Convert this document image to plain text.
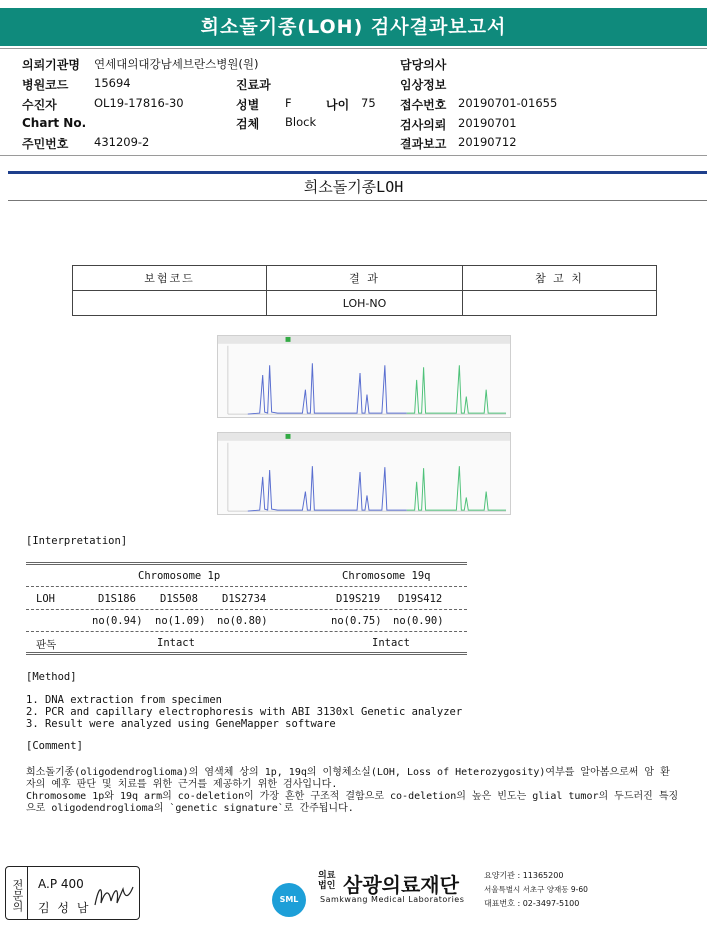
희소돌기종(LOH) 검사결과보고서
의뢰기관명 연세대의대강남세브란스병원(원)	담당의사
병원코드 15694	진료과	임상정보
수진자	OL19-17816-30	성별 F	나이 75 접수번호 20190701-01655
Chart No.	검체 Block	검사의뢰 20190701
주민번호 431209-2	결과보고 20190712
희소돌기종LOH
보험코드	결 과	참 고 치
	LOH-NO	
[Interpretation]
Chromosome 1p	Chromosome 19q
LOH	D1S186 D1S508 D1S2734	D19S219 D19S412
no(0.94) no(1.09) no(0.80)	no(0.75) no(0.90)
판독	Intact	Intact
[Method]
1. DNA extraction from specimen
2. PCR and capillary electrophoresis with ABI 3130xl Genetic analyzer
3. Result were analyzed using GeneMapper software
[Comment]
희소돌기종(oligodendroglioma)의 염색체 상의 1p, 19q의 이형체소실(LOH, Loss of Heterozygosity)여부를 알아봄으로써 암 환
자의 예후 판단 및 치료를 위한 근거를 제공하기 위한 검사입니다.
Chromosome 1p와 19q arm의 co-deletion이 가장 흔한 구조적 결함으로 co-deletion의 높은 빈도는 glial tumor의 두드러진 특징
으로 oligodendroglioma의 `genetic signature`로 간주됩니다.
전문의	A.P 400
김 성 남
SML
의료법인 삼광의료재단
Samkwang Medical Laboratories
요양기관 : 11365200
서울특별시 서초구 양재동 9-60
대표번호 : 02-3497-5100
